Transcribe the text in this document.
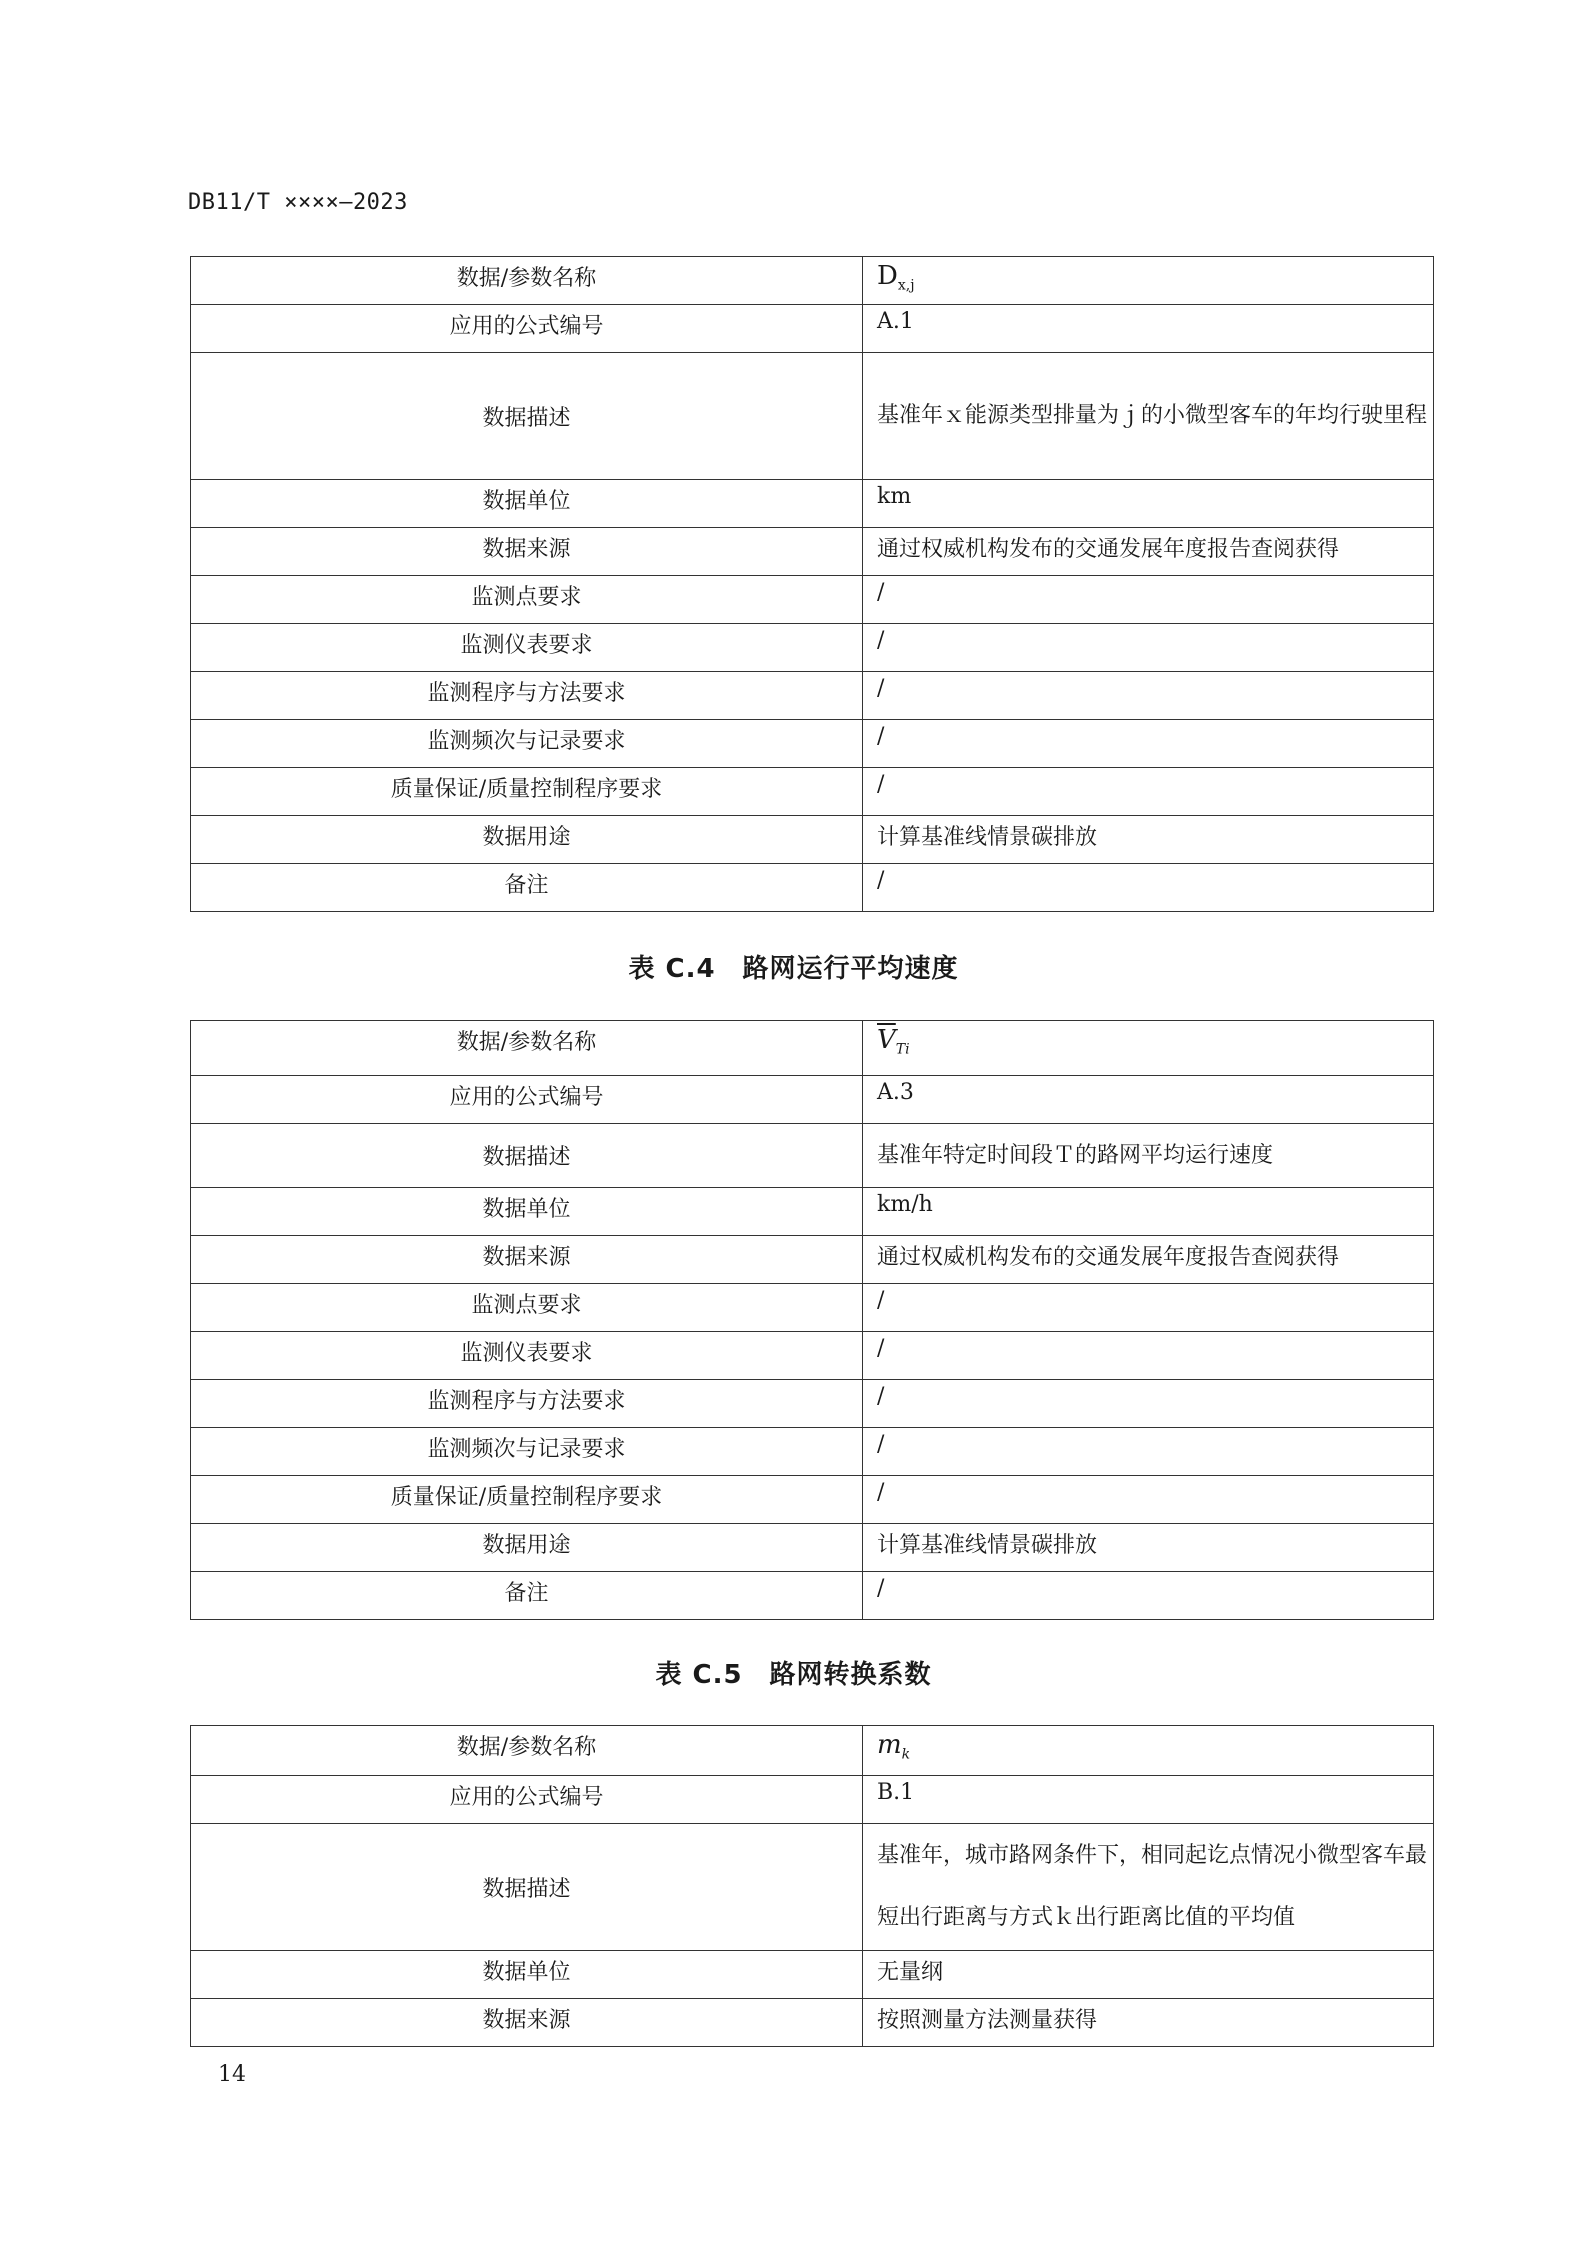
DB11/T ××××—2023
数据/参数名称	$D_{x,j}$
应用的公式编号	A.1
数据描述	基准年ｘ能源类型排量为ｊ的小微型客车的年均行驶里程
数据单位	km
数据来源	通过权威机构发布的交通发展年度报告查阅获得
监测点要求	/
监测仪表要求	/
监测程序与方法要求	/
监测频次与记录要求	/
质量保证/质量控制程序要求	/
数据用途	计算基准线情景碳排放
备注	/
表 C.4　路网运行平均速度
数据/参数名称	$\overline{V}_{Ti}$
应用的公式编号	A.3
数据描述	基准年特定时间段Ｔ的路网平均运行速度
数据单位	km/h
数据来源	通过权威机构发布的交通发展年度报告查阅获得
监测点要求	/
监测仪表要求	/
监测程序与方法要求	/
监测频次与记录要求	/
质量保证/质量控制程序要求	/
数据用途	计算基准线情景碳排放
备注	/
表 C.5　路网转换系数
数据/参数名称	$m_k$
应用的公式编号	B.1
数据描述	基准年，城市路网条件下，相同起讫点情况小微型客车最短出行距离与方式ｋ出行距离比值的平均值
数据单位	无量纲
数据来源	按照测量方法测量获得
14
